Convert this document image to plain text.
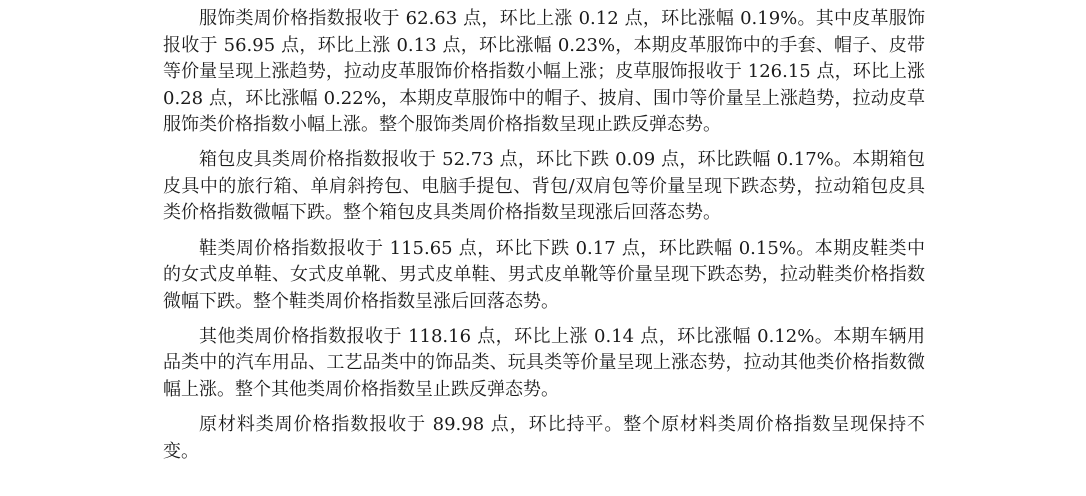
服饰类周价格指数报收于 62.63 点，环比上涨 0.12 点，环比涨幅 0.19%。其中皮革服饰报收于 56.95 点，环比上涨 0.13 点，环比涨幅 0.23%，本期皮革服饰中的手套、帽子、皮带等价量呈现上涨趋势，拉动皮革服饰价格指数小幅上涨；皮草服饰报收于 126.15 点，环比上涨 0.28 点，环比涨幅 0.22%，本期皮草服饰中的帽子、披肩、围巾等价量呈上涨趋势，拉动皮草服饰类价格指数小幅上涨。整个服饰类周价格指数呈现止跌反弹态势。

箱包皮具类周价格指数报收于 52.73 点，环比下跌 0.09 点，环比跌幅 0.17%。本期箱包皮具中的旅行箱、单肩斜挎包、电脑手提包、背包/双肩包等价量呈现下跌态势，拉动箱包皮具类价格指数微幅下跌。整个箱包皮具类周价格指数呈现涨后回落态势。

鞋类周价格指数报收于 115.65 点，环比下跌 0.17 点，环比跌幅 0.15%。本期皮鞋类中的女式皮单鞋、女式皮单靴、男式皮单鞋、男式皮单靴等价量呈现下跌态势，拉动鞋类价格指数微幅下跌。整个鞋类周价格指数呈涨后回落态势。

其他类周价格指数报收于 118.16 点，环比上涨 0.14 点，环比涨幅 0.12%。本期车辆用品类中的汽车用品、工艺品类中的饰品类、玩具类等价量呈现上涨态势，拉动其他类价格指数微幅上涨。整个其他类周价格指数呈止跌反弹态势。

原材料类周价格指数报收于 89.98 点，环比持平。整个原材料类周价格指数呈现保持不变。
